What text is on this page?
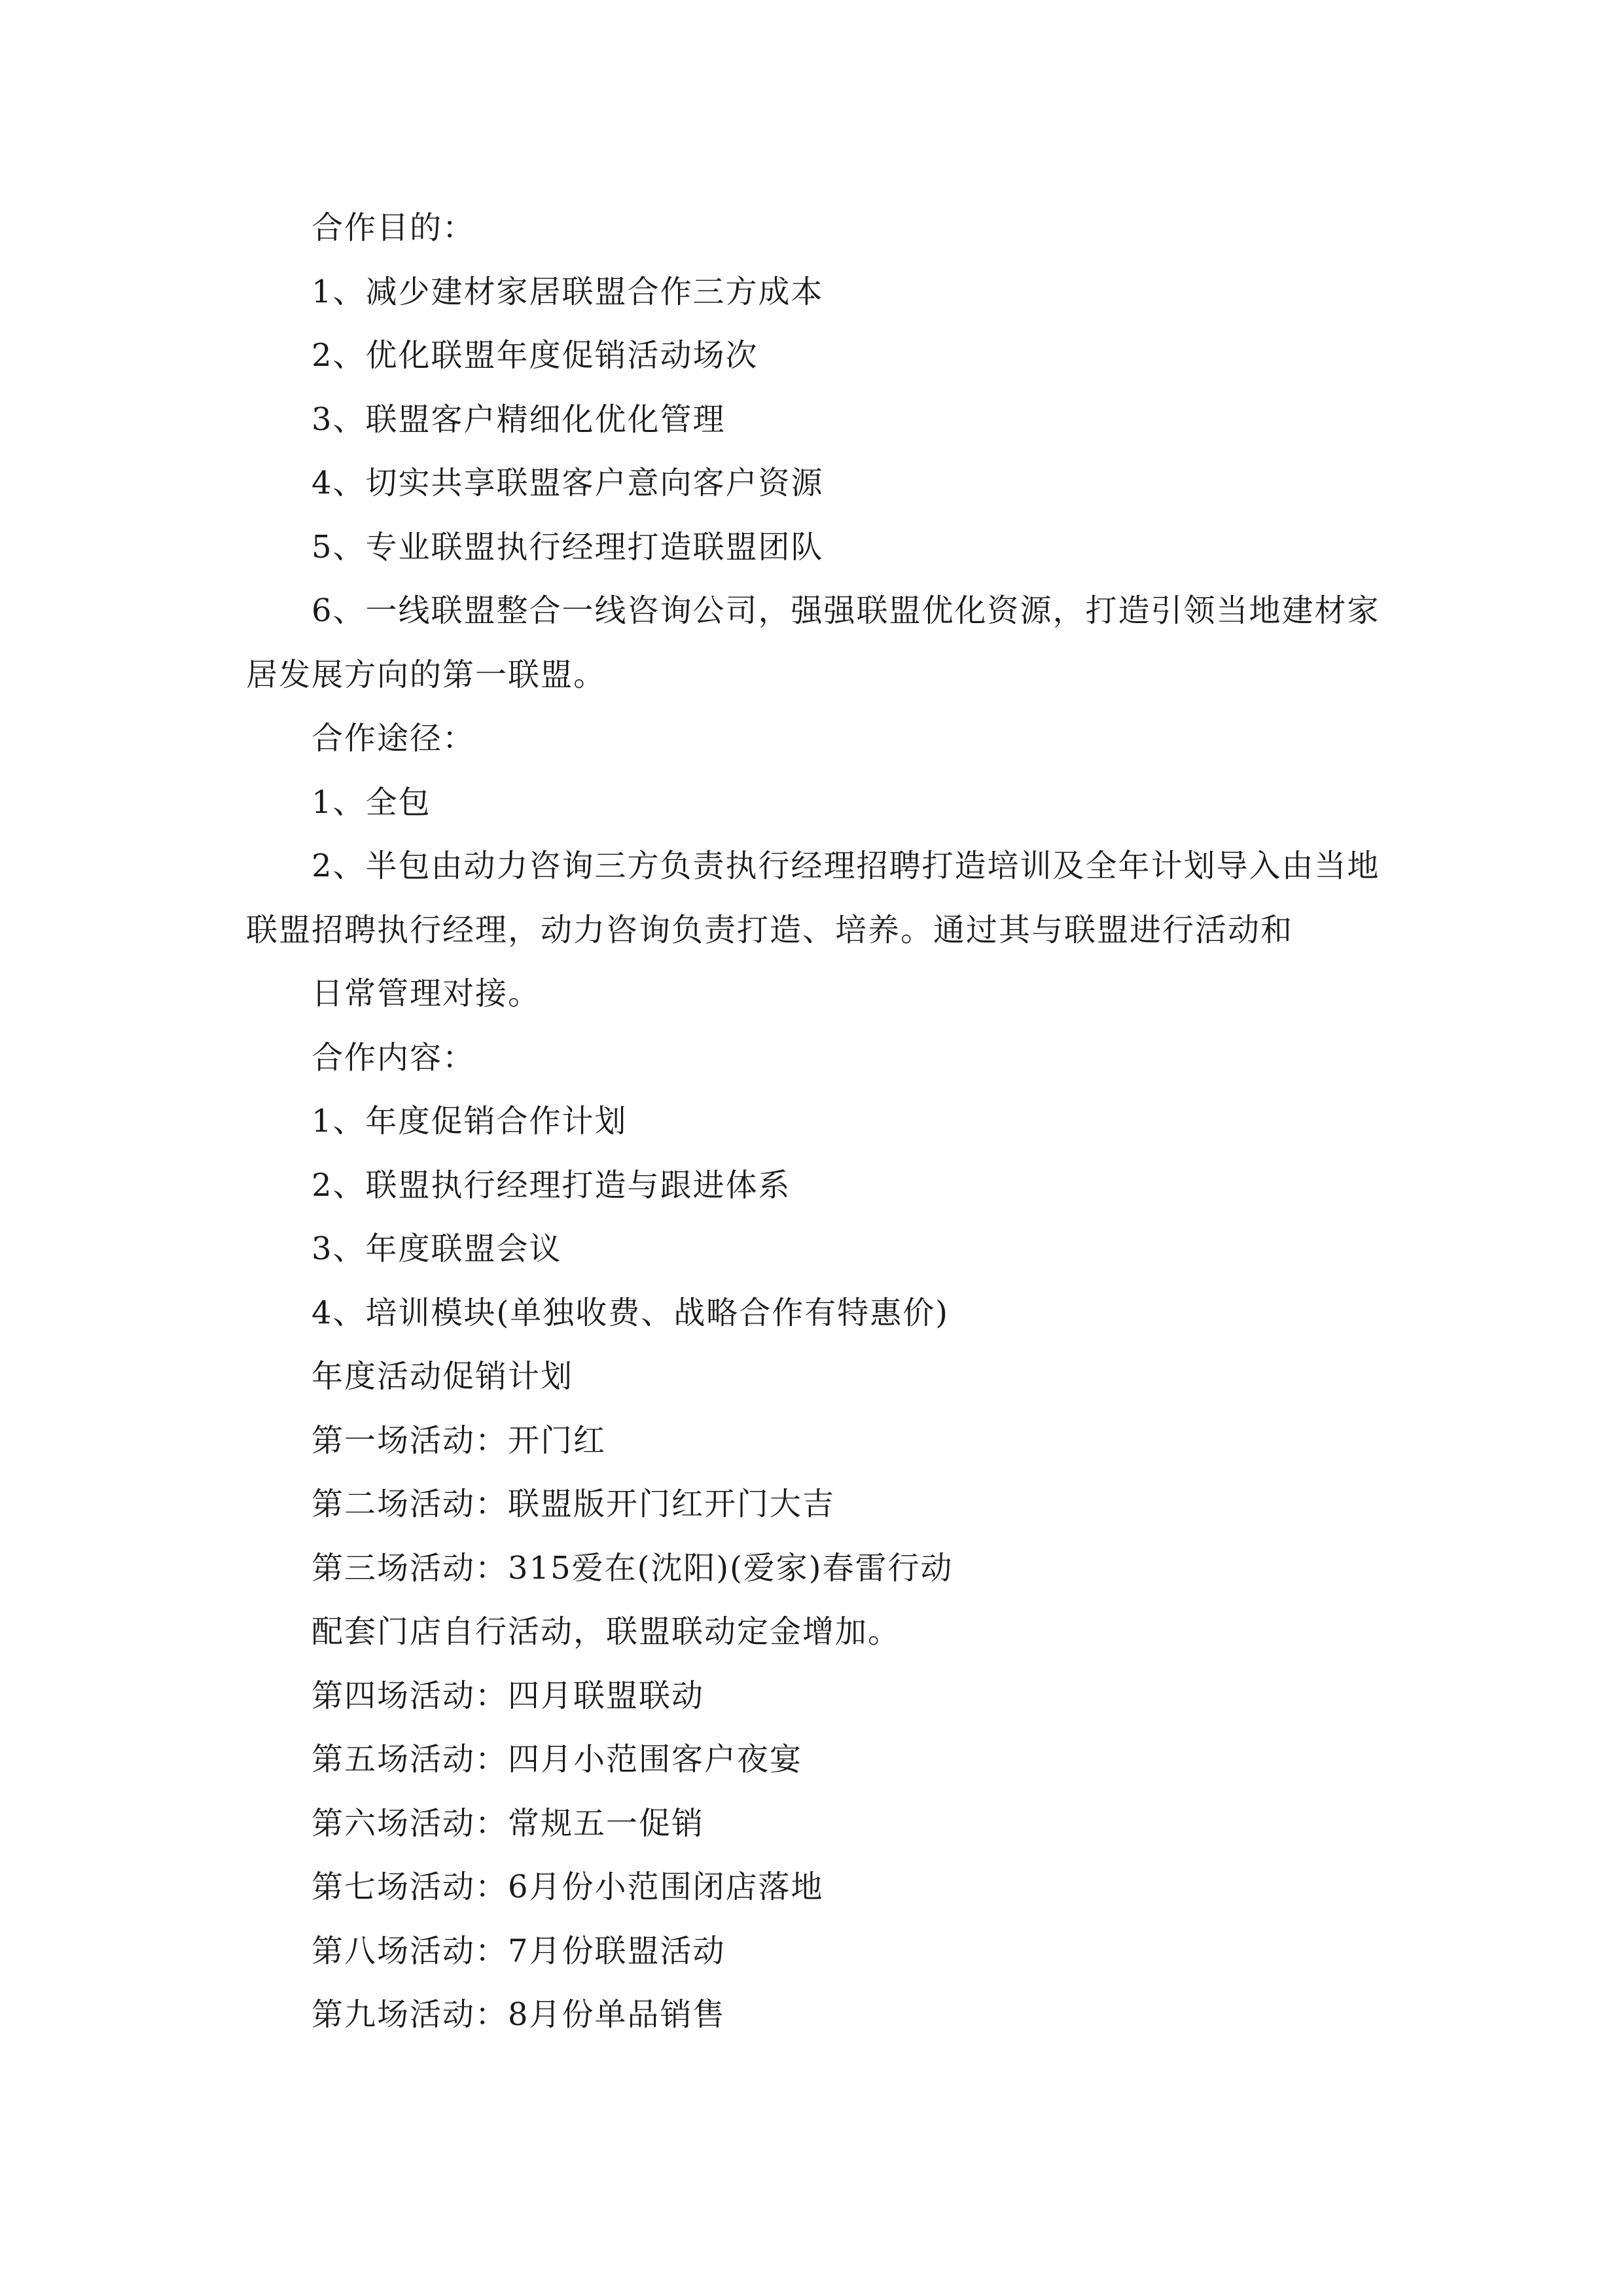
合作目的：
1、减少建材家居联盟合作三方成本
2、优化联盟年度促销活动场次
3、联盟客户精细化优化管理
4、切实共享联盟客户意向客户资源
5、专业联盟执行经理打造联盟团队
6、一线联盟整合一线咨询公司，强强联盟优化资源，打造引领当地建材家
居发展方向的第一联盟。
合作途径：
1、全包
2、半包由动力咨询三方负责执行经理招聘打造培训及全年计划导入由当地
联盟招聘执行经理，动力咨询负责打造、培养。通过其与联盟进行活动和
日常管理对接。
合作内容：
1、年度促销合作计划
2、联盟执行经理打造与跟进体系
3、年度联盟会议
4、培训模块(单独收费、战略合作有特惠价)
年度活动促销计划
第一场活动：开门红
第二场活动：联盟版开门红开门大吉
第三场活动：315爱在(沈阳)(爱家)春雷行动
配套门店自行活动，联盟联动定金增加。
第四场活动：四月联盟联动
第五场活动：四月小范围客户夜宴
第六场活动：常规五一促销
第七场活动：6月份小范围闭店落地
第八场活动：7月份联盟活动
第九场活动：8月份单品销售
